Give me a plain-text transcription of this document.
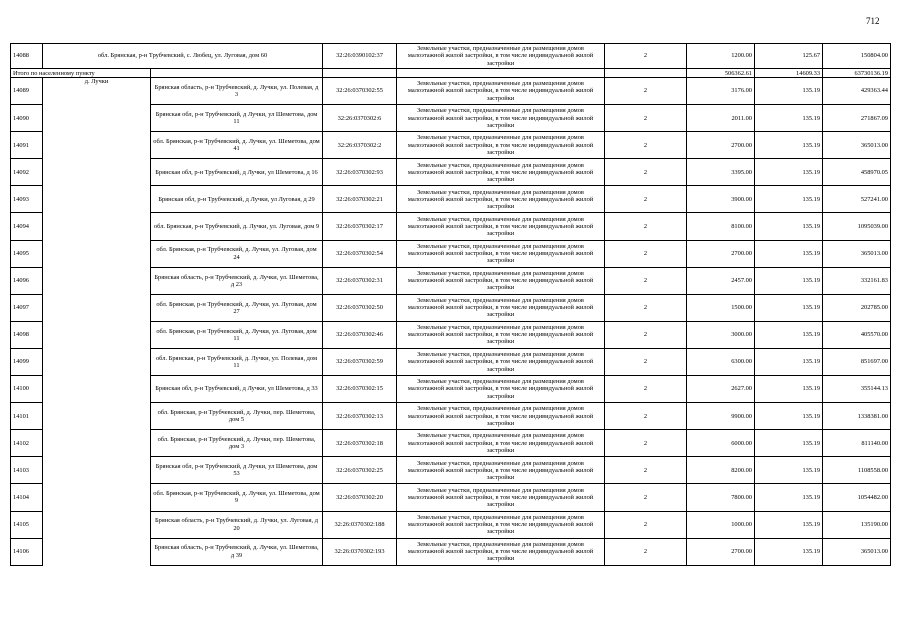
712
14088	обл. Брянская, р-н Трубчевский, с. Любец, ул. Луговая, дом 60		32:26:0390102:37	Земельные участки, предназначенные для размещения домов малоэтажной жилой застройки, в том числе индивидуальной жилой застройки	2	1200.00	125.67	150804.00
Итого по населенному пункту						506362.61	14609.33	63730136.19
14089	д. Лучки	Брянская область, р-н Трубчевский, д. Лучки, ул. Полевая, д 3	32:26:0370302:55	Земельные участки, предназначенные для размещения домов малоэтажной жилой застройки, в том числе индивидуальной жилой застройки	2	3176.00	135.19	429363.44
14090		Брянская обл, р-н Трубчевский, д Лучки, ул Шеметова, дом 11	32:26:0370302:6	Земельные участки, предназначенные для размещения домов малоэтажной жилой застройки, в том числе индивидуальной жилой застройки	2	2011.00	135.19	271867.09
14091		обл. Брянская, р-н Трубчевский, д. Лучки, ул. Шеметова, дом 41	32:26:0370302:2	Земельные участки, предназначенные для размещения домов малоэтажной жилой застройки, в том числе индивидуальной жилой застройки	2	2700.00	135.19	365013.00
14092		Брянская обл, р-н Трубчевский, д Лучки, ул Шеметова, д 16	32:26:0370302:93	Земельные участки, предназначенные для размещения домов малоэтажной жилой застройки, в том числе индивидуальной жилой застройки	2	3395.00	135.19	458970.05
14093		Брянская обл, р-н Трубчевский, д Лучки, ул Луговая, д 29	32:26:0370302:21	Земельные участки, предназначенные для размещения домов малоэтажной жилой застройки, в том числе индивидуальной жилой застройки	2	3900.00	135.19	527241.00
14094		обл. Брянская, р-н Трубчевский, д. Лучки, ул. Луговая, дом 9	32:26:0370302:17	Земельные участки, предназначенные для размещения домов малоэтажной жилой застройки, в том числе индивидуальной жилой застройки	2	8100.00	135.19	1095039.00
14095		обл. Брянская, р-н Трубчевский, д. Лучки, ул. Луговая, дом 24	32:26:0370302:54	Земельные участки, предназначенные для размещения домов малоэтажной жилой застройки, в том числе индивидуальной жилой застройки	2	2700.00	135.19	365013.00
14096		Брянская область, р-н Трубчевский, д. Лучки, ул. Шеметова, д 23	32:26:0370302:31	Земельные участки, предназначенные для размещения домов малоэтажной жилой застройки, в том числе индивидуальной жилой застройки	2	2457.00	135.19	332161.83
14097		обл. Брянская, р-н Трубчевский, д. Лучки, ул. Луговая, дом 27	32:26:0370302:50	Земельные участки, предназначенные для размещения домов малоэтажной жилой застройки, в том числе индивидуальной жилой застройки	2	1500.00	135.19	202785.00
14098		обл. Брянская, р-н Трубчевский, д. Лучки, ул. Луговая, дом 11	32:26:0370302:46	Земельные участки, предназначенные для размещения домов малоэтажной жилой застройки, в том числе индивидуальной жилой застройки	2	3000.00	135.19	405570.00
14099		обл. Брянская, р-н Трубчевский, д. Лучки, ул. Полевая, дом 11	32:26:0370302:59	Земельные участки, предназначенные для размещения домов малоэтажной жилой застройки, в том числе индивидуальной жилой застройки	2	6300.00	135.19	851697.00
14100		Брянская обл, р-н Трубчевский, д Лучки, ул Шеметова, д 33	32:26:0370302:15	Земельные участки, предназначенные для размещения домов малоэтажной жилой застройки, в том числе индивидуальной жилой застройки	2	2627.00	135.19	355144.13
14101		обл. Брянская, р-н Трубчевский, д. Лучки, пер. Шеметова, дом 5	32:26:0370302:13	Земельные участки, предназначенные для размещения домов малоэтажной жилой застройки, в том числе индивидуальной жилой застройки	2	9900.00	135.19	1338381.00
14102		обл. Брянская, р-н Трубчевский, д. Лучки, пер. Шеметова, дом 3	32:26:0370302:18	Земельные участки, предназначенные для размещения домов малоэтажной жилой застройки, в том числе индивидуальной жилой застройки	2	6000.00	135.19	811140.00
14103		Брянская обл, р-н Трубчевский, д Лучки, ул Шеметова, дом 53	32:26:0370302:25	Земельные участки, предназначенные для размещения домов малоэтажной жилой застройки, в том числе индивидуальной жилой застройки	2	8200.00	135.19	1108558.00
14104		обл. Брянская, р-н Трубчевский, д. Лучки, ул. Шеметова, дом 9	32:26:0370302:20	Земельные участки, предназначенные для размещения домов малоэтажной жилой застройки, в том числе индивидуальной жилой застройки	2	7800.00	135.19	1054482.00
14105		Брянская область, р-н Трубчевский, д. Лучки, ул. Луговая, д 20	32:26:0370302:188	Земельные участки, предназначенные для размещения домов малоэтажной жилой застройки, в том числе индивидуальной жилой застройки	2	1000.00	135.19	135190.00
14106		Брянская область, р-н Трубчевский, д. Лучки, ул. Шеметова, д 39	32:26:0370302:193	Земельные участки, предназначенные для размещения домов малоэтажной жилой застройки, в том числе индивидуальной жилой застройки	2	2700.00	135.19	365013.00
